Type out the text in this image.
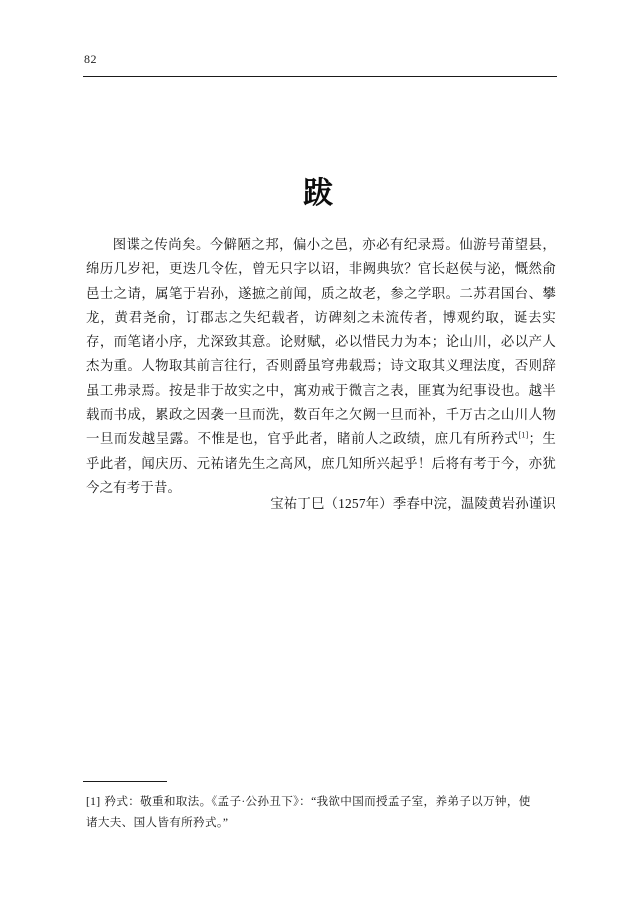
82
跋
图谍之传尚矣。今僻陋之邦，偏小之邑，亦必有纪录焉。仙游号莆望县，绵历几岁祀，更迭几令佐，曾无只字以诏，非阙典欤？官长赵侯与泌，慨然俞邑士之请，属笔于岩孙，遂摭之前闻，质之故老，参之学职。二苏君国台、攀龙，黄君尧俞，订郡志之失纪载者，访碑刻之未流传者，博观约取，诞去实存，而笔诸小序，尤深致其意。论财赋，必以惜民力为本；论山川，必以产人杰为重。人物取其前言往行，否则爵虽穹弗载焉；诗文取其义理法度，否则辞虽工弗录焉。按是非于故实之中，寓劝戒于微言之表，匪寘为纪事设也。越半载而书成，累政之因袭一旦而洗，数百年之欠阙一旦而补，千万古之山川人物一旦而发越呈露。不惟是也，官乎此者，睹前人之政绩，庶几有所矜式[1]；生乎此者，闻庆历、元祐诸先生之高风，庶几知所兴起乎！后将有考于今，亦犹今之有考于昔。
宝祐丁巳（1257年）季春中浣，温陵黄岩孙谨识
[1] 矜式：敬重和取法。《孟子·公孙丑下》：“我欲中国而授孟子室，养弟子以万钟，使
诸大夫、国人皆有所矜式。”
